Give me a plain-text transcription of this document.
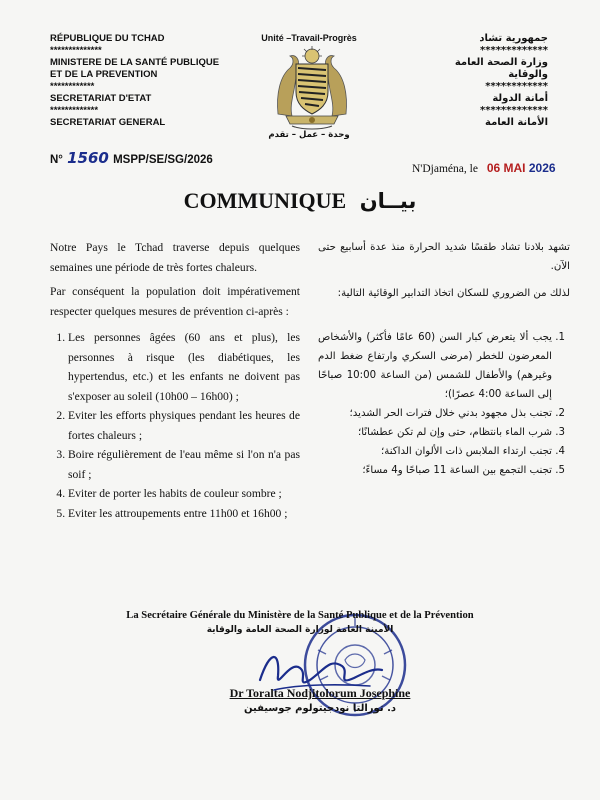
RÉPUBLIQUE DU TCHAD
**************
MINISTERE DE LA SANTÉ PUBLIQUE
ET DE LA PREVENTION
************
SECRETARIAT D'ETAT
*************
SECRETARIAT GENERAL
Unité –Travail-Progrès
وحدة – عمل – تقدم
جمهورية تشاد
*************
وزارة الصحة العامة
والوقاية
************
أمانة الدولة
*************
الأمانة العامة
N° 1560 MSPP/SE/SG/2026
N'Djaména, le 06 MAI 2026
COMMUNIQUE بيــان
Notre Pays le Tchad traverse depuis quelques semaines une période de très fortes chaleurs.
Par conséquent la population doit impérativement respecter quelques mesures de prévention ci-après :
1. Les personnes âgées (60 ans et plus), les personnes à risque (les diabétiques, les hypertendus, etc.) et les enfants ne doivent pas s'exposer au soleil (10h00 – 16h00) ;
2. Eviter les efforts physiques pendant les heures de fortes chaleurs ;
3. Boire régulièrement de l'eau même si l'on n'a pas soif ;
4. Eviter de porter les habits de couleur sombre ;
5. Eviter les attroupements entre 11h00 et 16h00 ;
تشهد بلادنا تشاد طقسًا شديد الحرارة منذ عدة أسابيع حتى الآن.
لذلك من الضروري للسكان اتخاذ التدابير الوقائية التالية:
1. يجب ألا يتعرض كبار السن (60 عامًا فأكثر) والأشخاص المعرضون للخطر (مرضى السكري وارتفاع ضغط الدم وغيرهم) والأطفال للشمس (من الساعة 10:00 صباحًا إلى الساعة 4:00 عصرًا)؛
2. تجنب بذل مجهود بدني خلال فترات الحر الشديد؛
3. شرب الماء بانتظام، حتى وإن لم تكن عطشانًا؛
4. تجنب ارتداء الملابس ذات الألوان الداكنة؛
5. تجنب التجمع بين الساعة 11 صباحًا و4 مساءً؛
La Secrétaire Générale du Ministère de la Santé Publique et de la Prévention
الأمينة العامة لوزارة الصحة العامة والوقاية
Dr Toralta Nodjitolorum Josephine
د. تورالتا نودجيتولوم جوسيفين
